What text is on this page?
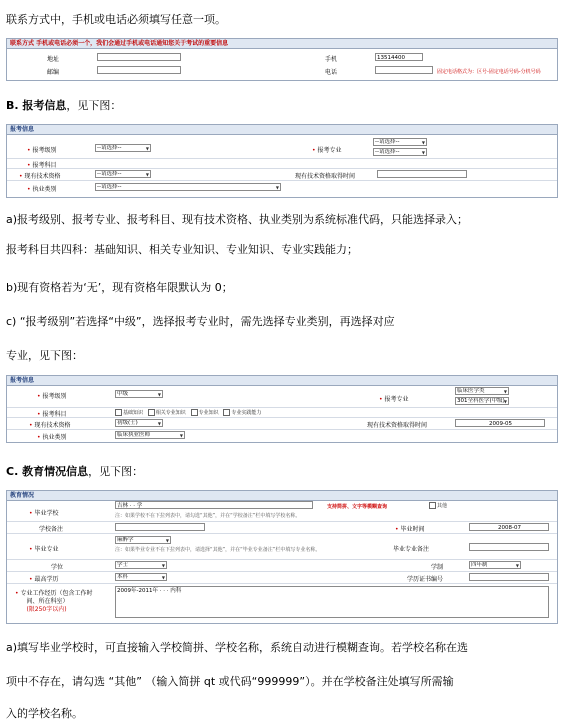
联系方式中，手机或电话必须填写任意一项。
联系方式 手机或电话必须一个，我们会通过手机或电话通知您关于考试的重要信息
地址
邮编
手机	13514400
电话	固定电话格式为：区号-固定电话号码-分机号码
B. 报考信息，见下图：
报考信息
• 报考级别	--请选择-- ▼	• 报考专业
--请选择-- ▼
--请选择-- ▼
• 报考科目
• 现有技术资格	--请选择-- ▼	现有技术资格取得时间
• 执业类别	--请选择-- ▼
a)报考级别、报考专业、报考科目、现有技术资格、执业类别为系统标准代码，只能选择录入；
报考科目共四科：基础知识、相关专业知识、专业知识、专业实践能力；
b)现有资格若为‘无’，现有资格年限默认为 0；
c) “报考级别”若选择“中级”，选择报考专业时，需先选择专业类别，再选择对应
专业，见下图：
报考信息
• 报考级别	中级 ▼
• 报考专业
临床医学类 ▼
301全科医学(中级) ▼
• 报考科目	基础知识	相关专业知识	专业知识	专业实践能力
• 现有技术资格	初级(士) ▼	现有技术资格取得时间	2009-05
• 执业类别	临床执业医师 ▼
C. 教育情况信息，见下图：
教育情况
• 毕业学校
吉林 · · 学	支持简拼、文字等模糊查询	其他
注：如果学校不在下拉列表中，请勾选“其他”，并在“学校备注”栏中填写学校名称。
学校备注	• 毕业时间	2008-07
• 毕业专业
麻醉学 ▼
注：如果毕业专业不在下拉列表中，请选择“其他”，并在“毕业专业备注”栏中填写专业名称。	毕业专业备注
学位	学士 ▼	学制	四年制 ▼
• 最高学历	本科 ▼	学历证书编号
• 专业工作经历（包含工作时
间、所在科室）
(限250字以内)
2009年-2011年 · · · 内科
a)填写毕业学校时，可直接输入学校简拼、学校名称，系统自动进行模糊查询。若学校名称在选
项中不存在，请勾选 “其他” （输入简拼 qt 或代码“999999”）。并在学校备注处填写所需输
入的学校名称。
